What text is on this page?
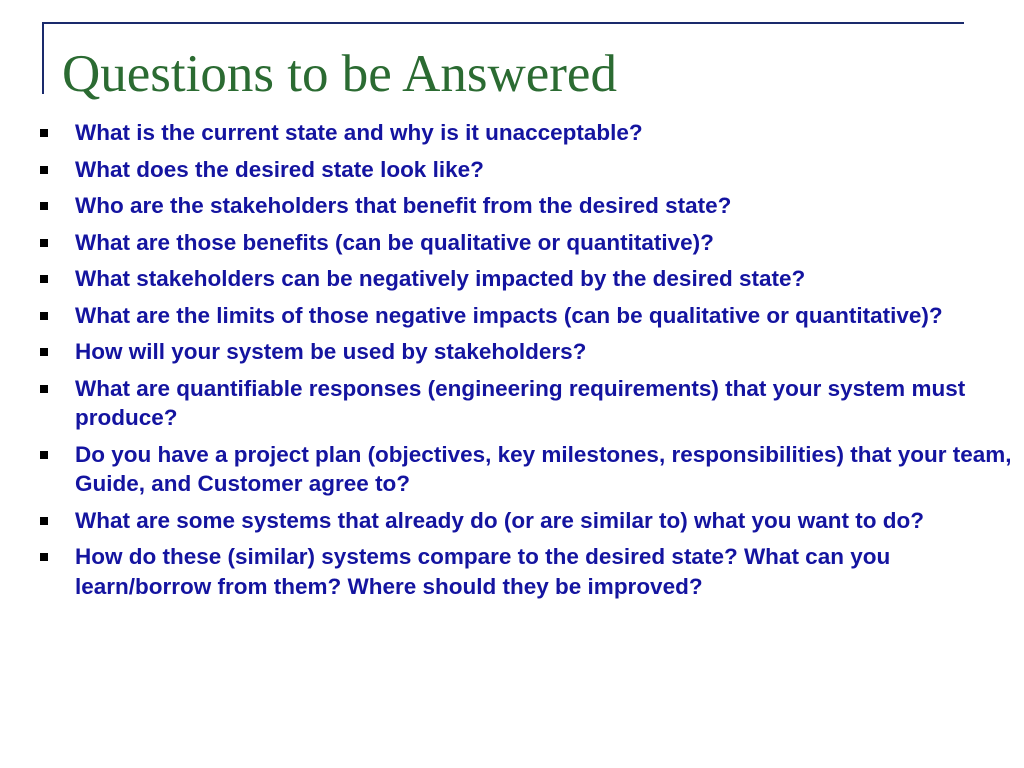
Questions to be Answered
What is the current state and why is it unacceptable?
What does the desired state look like?
Who are the stakeholders that benefit from the desired state?
What are those benefits (can be qualitative or quantitative)?
What stakeholders can be negatively impacted by the desired state?
What are the limits of those negative impacts (can be qualitative or quantitative)?
How will your system be used by stakeholders?
What are quantifiable responses (engineering requirements) that your system must produce?
Do you have a project plan (objectives, key milestones, responsibilities) that your team, Guide, and Customer agree to?
What are some systems that already do (or are similar to) what you want to do?
How do these (similar) systems compare to the desired state? What can you learn/borrow from them? Where should they be improved?
